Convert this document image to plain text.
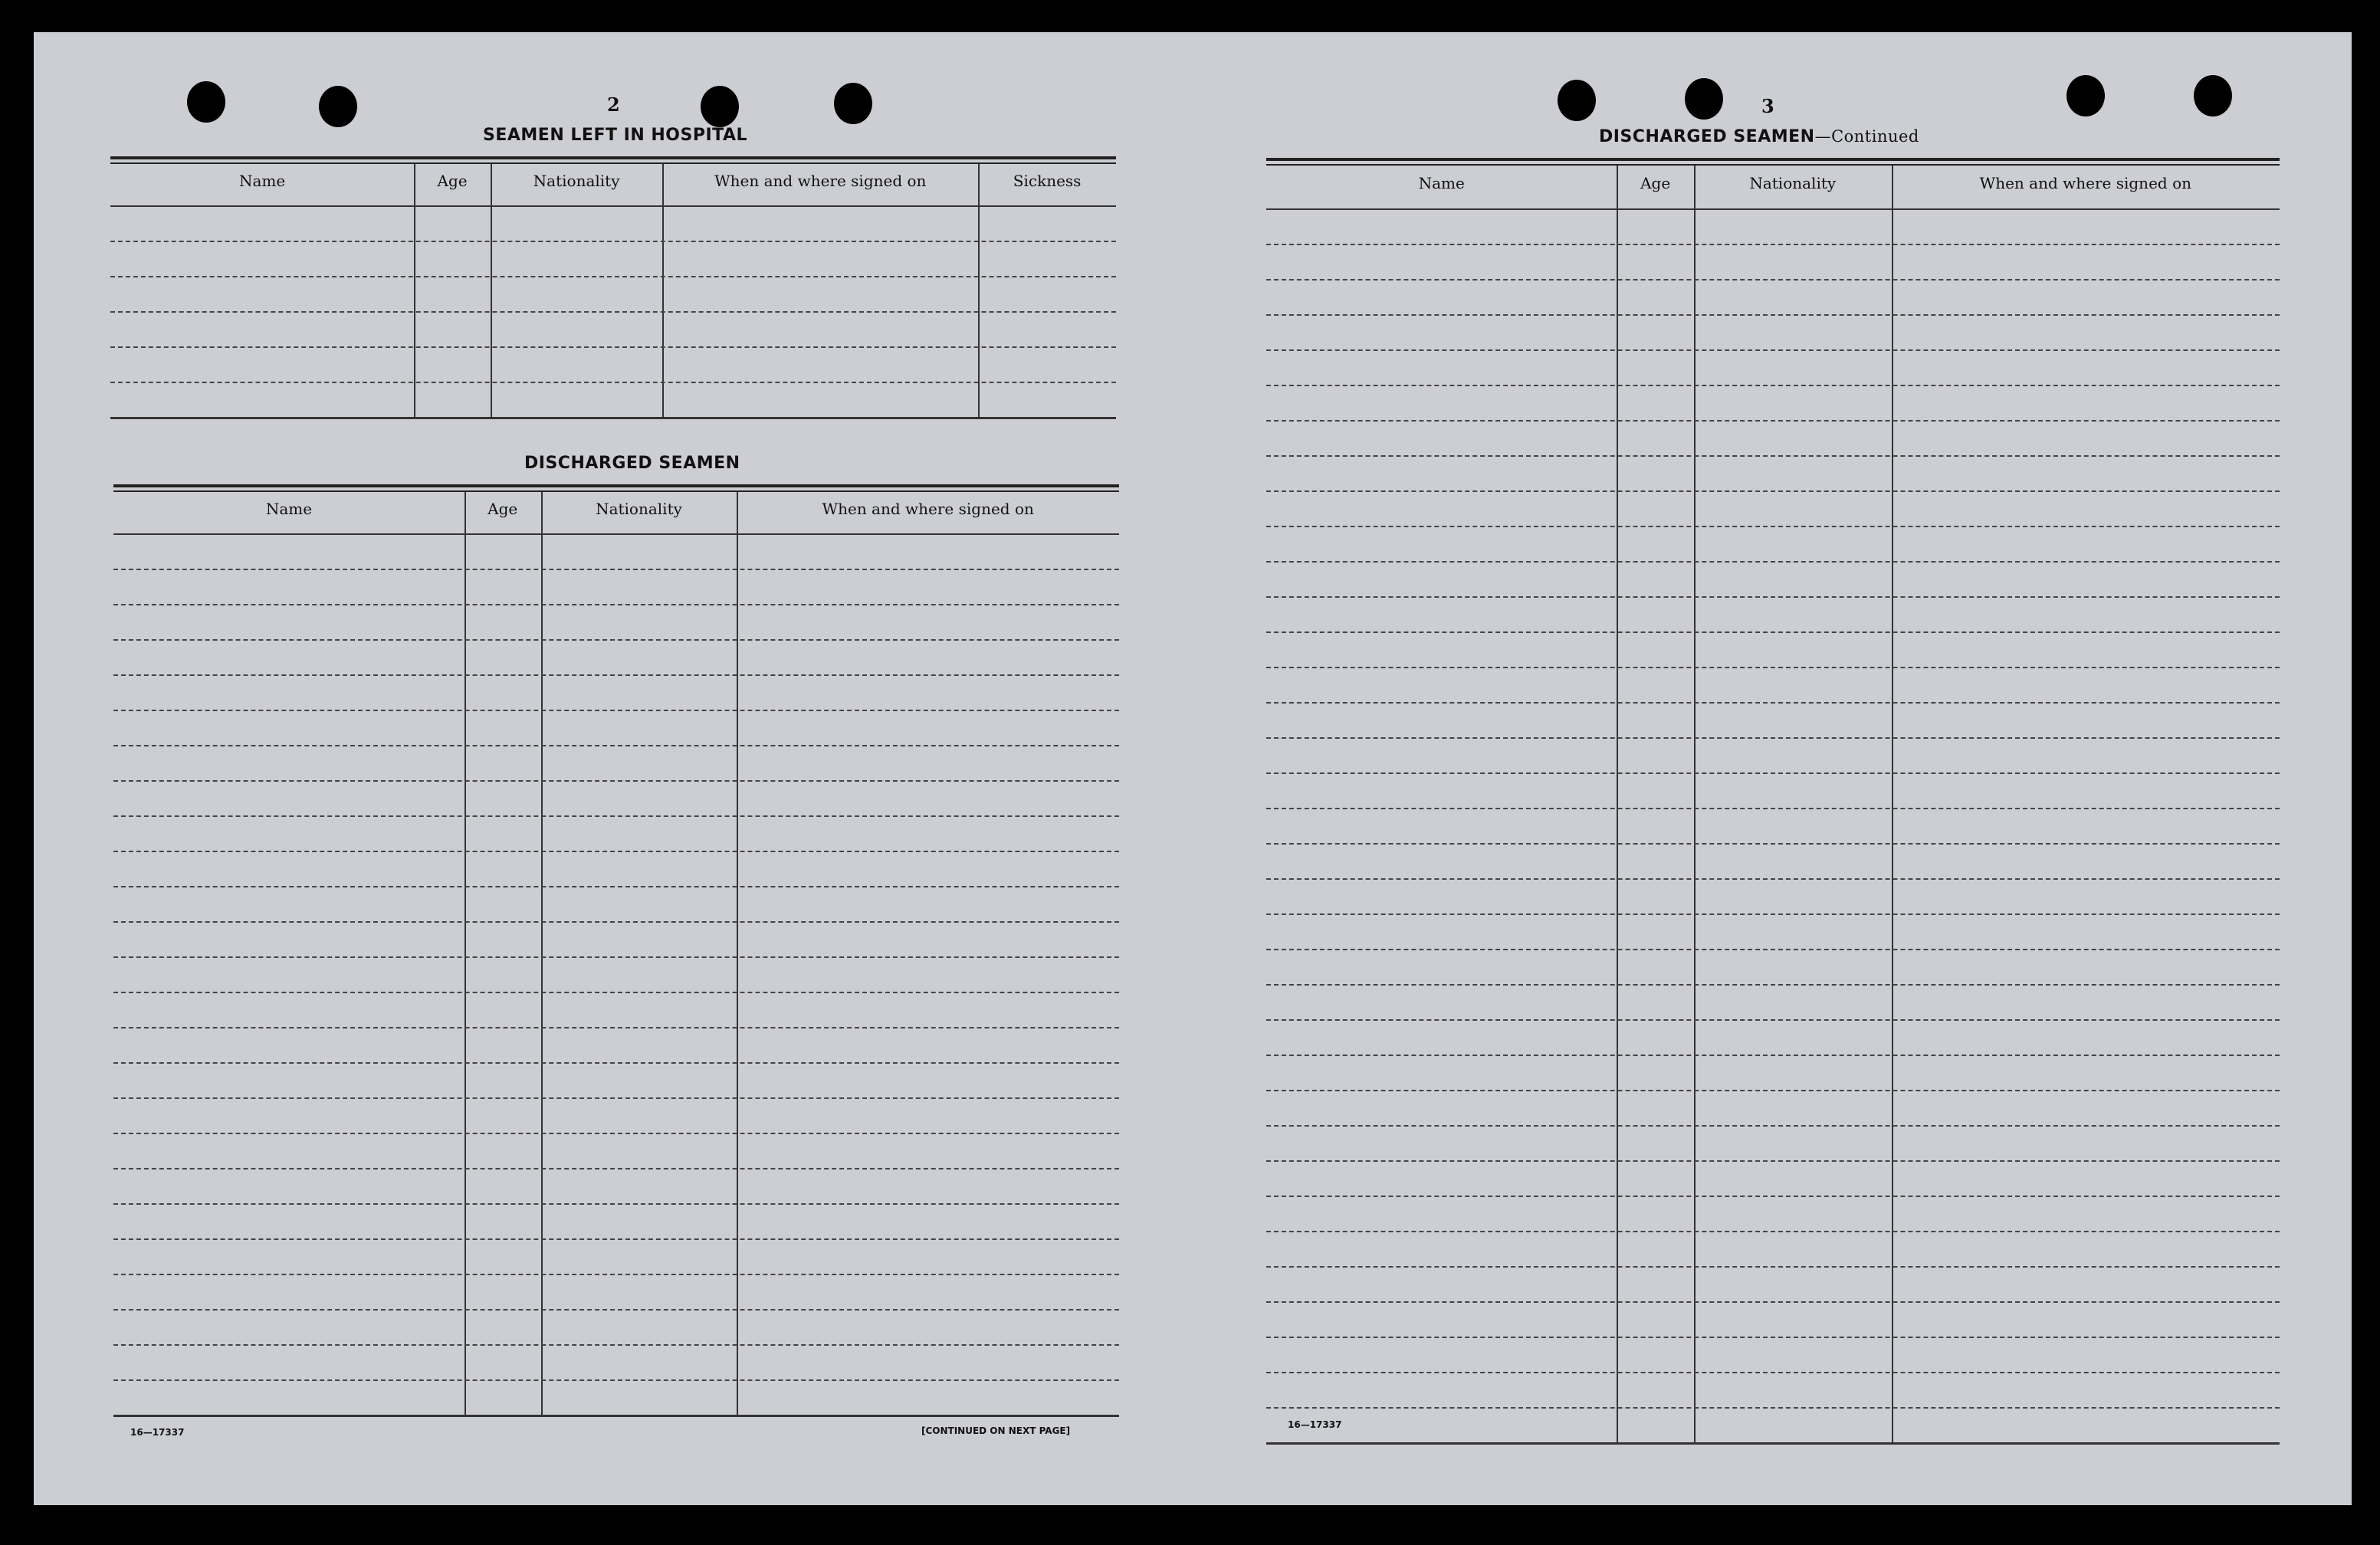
2
SEAMEN LEFT IN HOSPITAL
Name	Age	Nationality	When and where signed on	Sickness
DISCHARGED SEAMEN
Name	Age	Nationality	When and where signed on
16—17337	[CONTINUED ON NEXT PAGE]
3
DISCHARGED SEAMEN—Continued
Name	Age	Nationality	When and where signed on
16—17337
